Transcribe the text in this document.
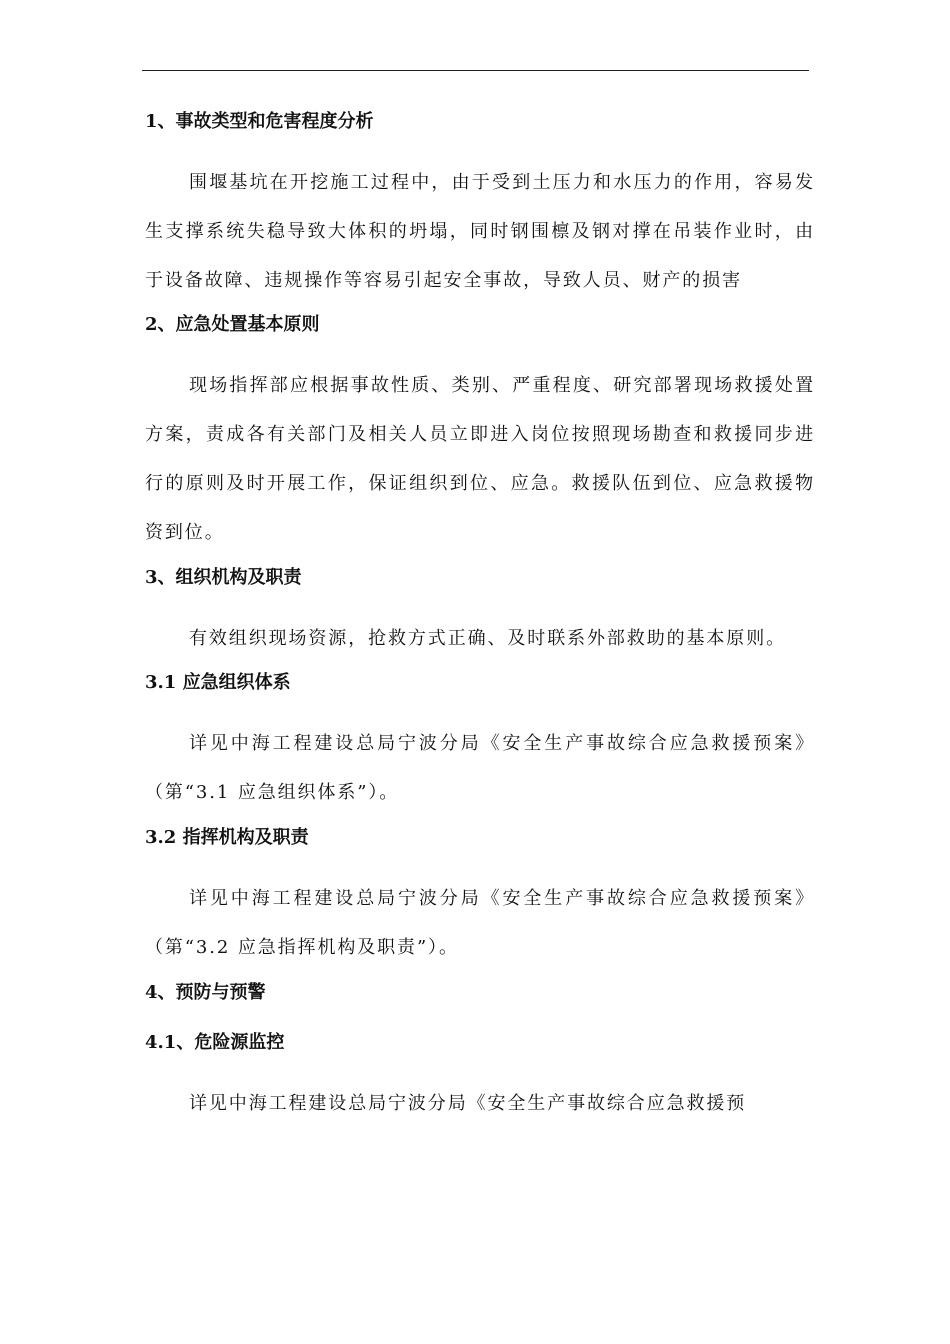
1、事故类型和危害程度分析

围堰基坑在开挖施工过程中，由于受到土压力和水压力的作用，容易发生支撑系统失稳导致大体积的坍塌，同时钢围檩及钢对撑在吊装作业时，由于设备故障、违规操作等容易引起安全事故，导致人员、财产的损害

2、应急处置基本原则

现场指挥部应根据事故性质、类别、严重程度、研究部署现场救援处置方案，责成各有关部门及相关人员立即进入岗位按照现场勘查和救援同步进行的原则及时开展工作，保证组织到位、应急。救援队伍到位、应急救援物资到位。

3、组织机构及职责

有效组织现场资源，抢救方式正确、及时联系外部救助的基本原则。

3.1 应急组织体系

详见中海工程建设总局宁波分局《安全生产事故综合应急救援预案》（第“3.1 应急组织体系”）。

3.2 指挥机构及职责

详见中海工程建设总局宁波分局《安全生产事故综合应急救援预案》（第“3.2 应急指挥机构及职责”）。

4、预防与预警

4.1、危险源监控

详见中海工程建设总局宁波分局《安全生产事故综合应急救援预
